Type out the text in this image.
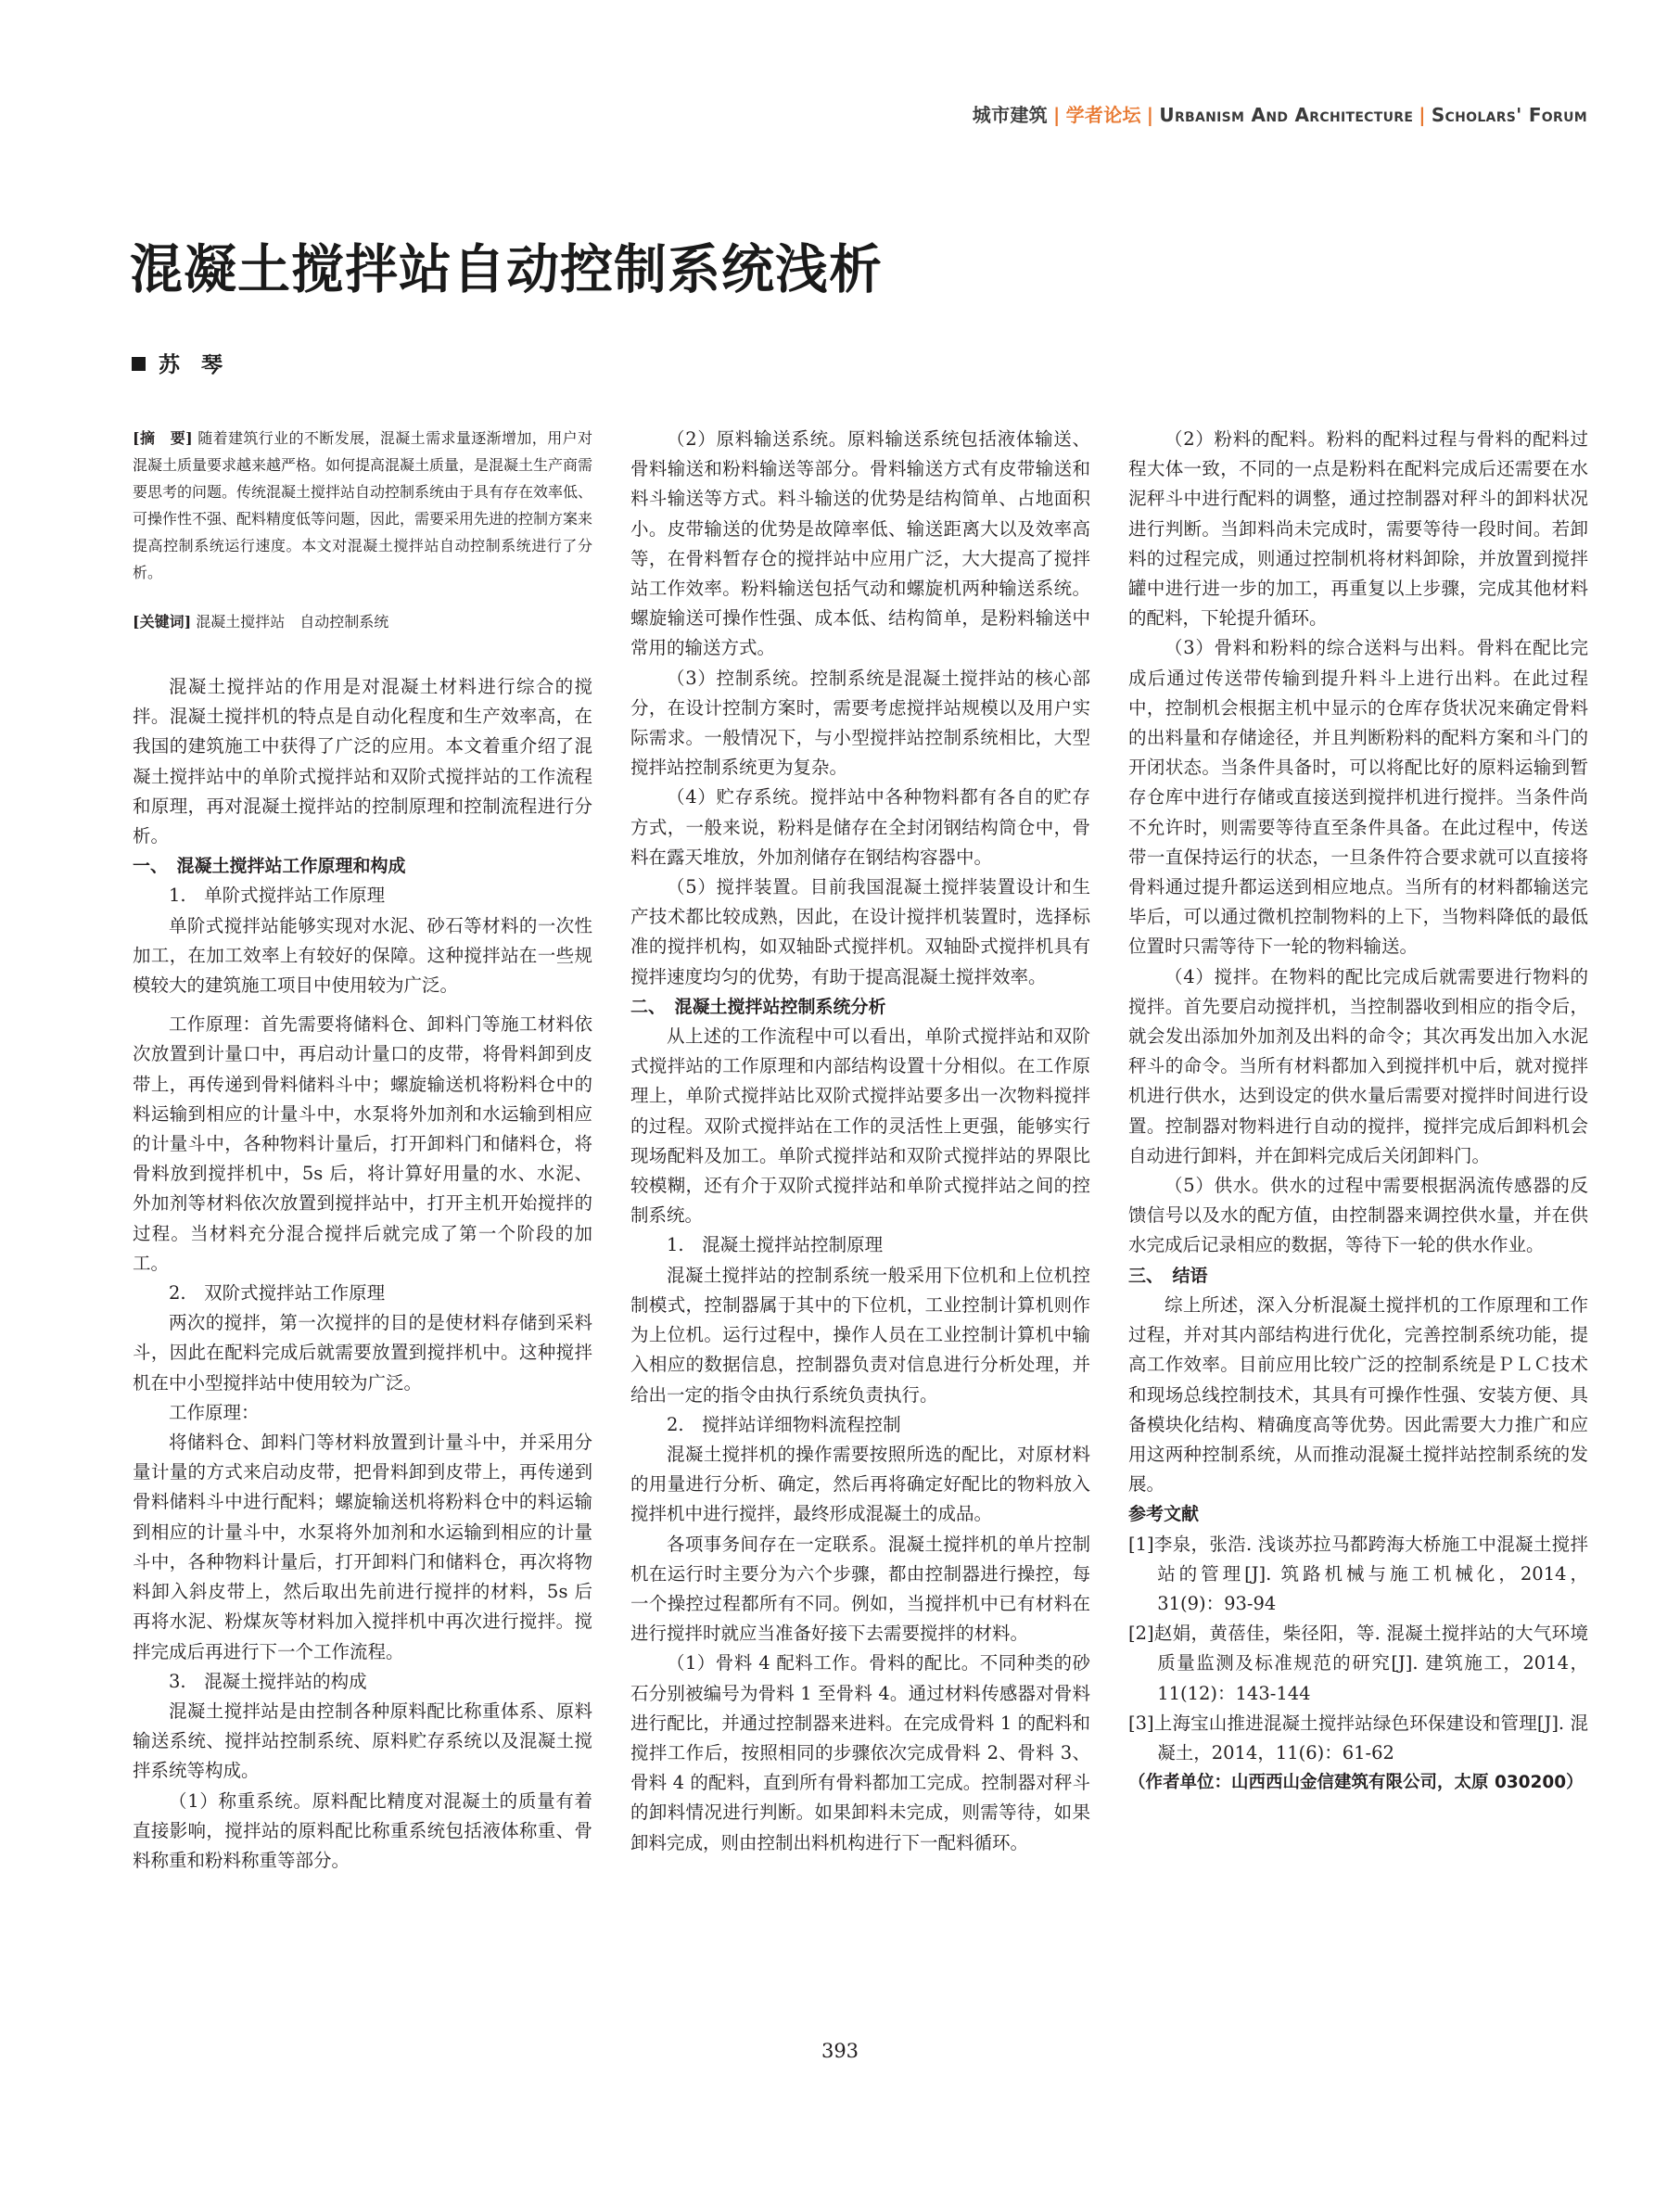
城市建筑 | 学者论坛 | Urbanism And Architecture | Scholars' Forum
混凝土搅拌站自动控制系统浅析
苏　琴

[摘　要] 随着建筑行业的不断发展，混凝土需求量逐渐增加，用户对混凝土质量要求越来越严格。如何提高混凝土质量，是混凝土生产商需要思考的问题。传统混凝土搅拌站自动控制系统由于具有存在效率低、可操作性不强、配料精度低等问题，因此，需要采用先进的控制方案来提高控制系统运行速度。本文对混凝土搅拌站自动控制系统进行了分析。

[关键词] 混凝土搅拌站　自动控制系统

混凝土搅拌站的作用是对混凝土材料进行综合的搅拌。混凝土搅拌机的特点是自动化程度和生产效率高，在我国的建筑施工中获得了广泛的应用。本文着重介绍了混凝土搅拌站中的单阶式搅拌站和双阶式搅拌站的工作流程和原理，再对混凝土搅拌站的控制原理和控制流程进行分析。

一、　混凝土搅拌站工作原理和构成

1.　单阶式搅拌站工作原理

单阶式搅拌站能够实现对水泥、砂石等材料的一次性加工，在加工效率上有较好的保障。这种搅拌站在一些规模较大的建筑施工项目中使用较为广泛。

工作原理：首先需要将储料仓、卸料门等施工材料依次放置到计量口中，再启动计量口的皮带，将骨料卸到皮带上，再传递到骨料储料斗中；螺旋输送机将粉料仓中的料运输到相应的计量斗中，水泵将外加剂和水运输到相应的计量斗中，各种物料计量后，打开卸料门和储料仓，将骨料放到搅拌机中，5s 后，将计算好用量的水、水泥、外加剂等材料依次放置到搅拌站中，打开主机开始搅拌的过程。当材料充分混合搅拌后就完成了第一个阶段的加工。

2.　双阶式搅拌站工作原理

两次的搅拌，第一次搅拌的目的是使材料存储到采料斗，因此在配料完成后就需要放置到搅拌机中。这种搅拌机在中小型搅拌站中使用较为广泛。

工作原理：

将储料仓、卸料门等材料放置到计量斗中，并采用分量计量的方式来启动皮带，把骨料卸到皮带上，再传递到骨料储料斗中进行配料；螺旋输送机将粉料仓中的料运输到相应的计量斗中，水泵将外加剂和水运输到相应的计量斗中，各种物料计量后，打开卸料门和储料仓，再次将物料卸入斜皮带上，然后取出先前进行搅拌的材料，5s 后再将水泥、粉煤灰等材料加入搅拌机中再次进行搅拌。搅拌完成后再进行下一个工作流程。

3.　混凝土搅拌站的构成

混凝土搅拌站是由控制各种原料配比称重体系、原料输送系统、搅拌站控制系统、原料贮存系统以及混凝土搅拌系统等构成。

（1）称重系统。原料配比精度对混凝土的质量有着直接影响，搅拌站的原料配比称重系统包括液体称重、骨料称重和粉料称重等部分。

（2）原料输送系统。原料输送系统包括液体输送、骨料输送和粉料输送等部分。骨料输送方式有皮带输送和料斗输送等方式。料斗输送的优势是结构简单、占地面积小。皮带输送的优势是故障率低、输送距离大以及效率高等，在骨料暂存仓的搅拌站中应用广泛，大大提高了搅拌站工作效率。粉料输送包括气动和螺旋机两种输送系统。螺旋输送可操作性强、成本低、结构简单，是粉料输送中常用的输送方式。

（3）控制系统。控制系统是混凝土搅拌站的核心部分，在设计控制方案时，需要考虑搅拌站规模以及用户实际需求。一般情况下，与小型搅拌站控制系统相比，大型搅拌站控制系统更为复杂。

（4）贮存系统。搅拌站中各种物料都有各自的贮存方式，一般来说，粉料是储存在全封闭钢结构筒仓中，骨料在露天堆放，外加剂储存在钢结构容器中。

（5）搅拌装置。目前我国混凝土搅拌装置设计和生产技术都比较成熟，因此，在设计搅拌机装置时，选择标准的搅拌机构，如双轴卧式搅拌机。双轴卧式搅拌机具有搅拌速度均匀的优势，有助于提高混凝土搅拌效率。

二、　混凝土搅拌站控制系统分析

从上述的工作流程中可以看出，单阶式搅拌站和双阶式搅拌站的工作原理和内部结构设置十分相似。在工作原理上，单阶式搅拌站比双阶式搅拌站要多出一次物料搅拌的过程。双阶式搅拌站在工作的灵活性上更强，能够实行现场配料及加工。单阶式搅拌站和双阶式搅拌站的界限比较模糊，还有介于双阶式搅拌站和单阶式搅拌站之间的控制系统。

1.　混凝土搅拌站控制原理

混凝土搅拌站的控制系统一般采用下位机和上位机控制模式，控制器属于其中的下位机，工业控制计算机则作为上位机。运行过程中，操作人员在工业控制计算机中输入相应的数据信息，控制器负责对信息进行分析处理，并给出一定的指令由执行系统负责执行。

2.　搅拌站详细物料流程控制

混凝土搅拌机的操作需要按照所选的配比，对原材料的用量进行分析、确定，然后再将确定好配比的物料放入搅拌机中进行搅拌，最终形成混凝土的成品。

各项事务间存在一定联系。混凝土搅拌机的单片控制机在运行时主要分为六个步骤，都由控制器进行操控，每一个操控过程都所有不同。例如，当搅拌机中已有材料在进行搅拌时就应当准备好接下去需要搅拌的材料。

（1）骨料 4 配料工作。骨料的配比。不同种类的砂石分别被编号为骨料 1 至骨料 4。通过材料传感器对骨料进行配比，并通过控制器来进料。在完成骨料 1 的配料和搅拌工作后，按照相同的步骤依次完成骨料 2、骨料 3、骨料 4 的配料，直到所有骨料都加工完成。控制器对秤斗的卸料情况进行判断。如果卸料未完成，则需等待，如果卸料完成，则由控制出料机构进行下一配料循环。

（2）粉料的配料。粉料的配料过程与骨料的配料过程大体一致，不同的一点是粉料在配料完成后还需要在水泥秤斗中进行配料的调整，通过控制器对秤斗的卸料状况进行判断。当卸料尚未完成时，需要等待一段时间。若卸料的过程完成，则通过控制机将材料卸除，并放置到搅拌罐中进行进一步的加工，再重复以上步骤，完成其他材料的配料，下轮提升循环。

（3）骨料和粉料的综合送料与出料。骨料在配比完成后通过传送带传输到提升料斗上进行出料。在此过程中，控制机会根据主机中显示的仓库存货状况来确定骨料的出料量和存储途径，并且判断粉料的配料方案和斗门的开闭状态。当条件具备时，可以将配比好的原料运输到暂存仓库中进行存储或直接送到搅拌机进行搅拌。当条件尚不允许时，则需要等待直至条件具备。在此过程中，传送带一直保持运行的状态，一旦条件符合要求就可以直接将骨料通过提升都运送到相应地点。当所有的材料都输送完毕后，可以通过微机控制物料的上下，当物料降低的最低位置时只需等待下一轮的物料输送。

（4）搅拌。在物料的配比完成后就需要进行物料的搅拌。首先要启动搅拌机，当控制器收到相应的指令后，就会发出添加外加剂及出料的命令；其次再发出加入水泥秤斗的命令。当所有材料都加入到搅拌机中后，就对搅拌机进行供水，达到设定的供水量后需要对搅拌时间进行设置。控制器对物料进行自动的搅拌，搅拌完成后卸料机会自动进行卸料，并在卸料完成后关闭卸料门。

（5）供水。供水的过程中需要根据涡流传感器的反馈信号以及水的配方值，由控制器来调控供水量，并在供水完成后记录相应的数据，等待下一轮的供水作业。

三、　结语

综上所述，深入分析混凝土搅拌机的工作原理和工作过程，并对其内部结构进行优化，完善控制系统功能，提高工作效率。目前应用比较广泛的控制系统是ＰＬＣ技术和现场总线控制技术，其具有可操作性强、安装方便、具备模块化结构、精确度高等优势。因此需要大力推广和应用这两种控制系统，从而推动混凝土搅拌站控制系统的发展。

参考文献

[1]李泉，张浩. 浅谈苏拉马都跨海大桥施工中混凝土搅拌站的管理[J]. 筑路机械与施工机械化，2014，31(9)：93-94

[2]赵娟，黄蓓佳，柴径阳，等. 混凝土搅拌站的大气环境质量监测及标准规范的研究[J]. 建筑施工，2014，11(12)：143-144

[3]上海宝山推进混凝土搅拌站绿色环保建设和管理[J]. 混凝土，2014，11(6)：61-62

（作者单位：山西西山金信建筑有限公司，太原 030200）

393
